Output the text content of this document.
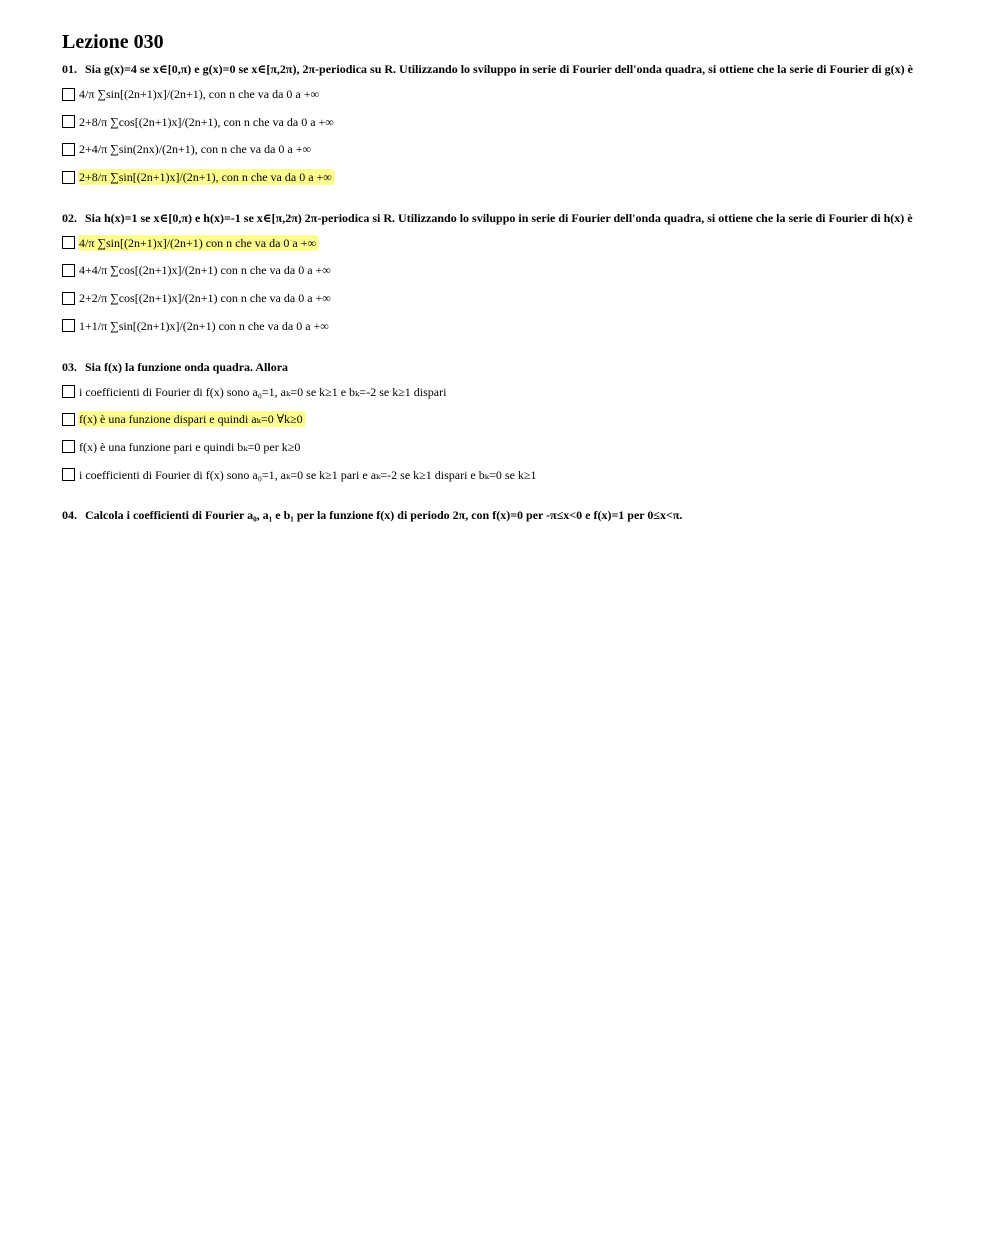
Lezione 030
01. Sia g(x)=4 se x∈[0,π) e g(x)=0 se x∈[π,2π), 2π-periodica su R. Utilizzando lo sviluppo in serie di Fourier dell'onda quadra, si ottiene che la serie di Fourier di g(x) è
4/π ∑sin[(2n+1)x]/(2n+1), con n che va da 0 a +∞
2+8/π ∑cos[(2n+1)x]/(2n+1), con n che va da 0 a +∞
2+4/π ∑sin(2nx)/(2n+1), con n che va da 0 a +∞
2+8/π ∑sin[(2n+1)x]/(2n+1), con n che va da 0 a +∞
02. Sia h(x)=1 se x∈[0,π) e h(x)=-1 se x∈[π,2π) 2π-periodica si R. Utilizzando lo sviluppo in serie di Fourier dell'onda quadra, si ottiene che la serie di Fourier di h(x) è
4/π ∑sin[(2n+1)x]/(2n+1) con n che va da 0 a +∞
4+4/π ∑cos[(2n+1)x]/(2n+1) con n che va da 0 a +∞
2+2/π ∑cos[(2n+1)x]/(2n+1) con n che va da 0 a +∞
1+1/π ∑sin[(2n+1)x]/(2n+1) con n che va da 0 a +∞
03. Sia f(x) la funzione onda quadra. Allora
i coefficienti di Fourier di f(x) sono a₀=1, aₖ=0 se k≥1 e bₖ=-2 se k≥1 dispari
f(x) è una funzione dispari e quindi aₖ=0 ∀k≥0
f(x) è una funzione pari e quindi bₖ=0 per k≥0
i coefficienti di Fourier di f(x) sono a₀=1, aₖ=0 se k≥1 pari e aₖ=-2 se k≥1 dispari e bₖ=0 se k≥1
04. Calcola i coefficienti di Fourier a₀, a₁ e b₁ per la funzione f(x) di periodo 2π, con f(x)=0 per -π≤x<0 e f(x)=1 per 0≤x<π.
